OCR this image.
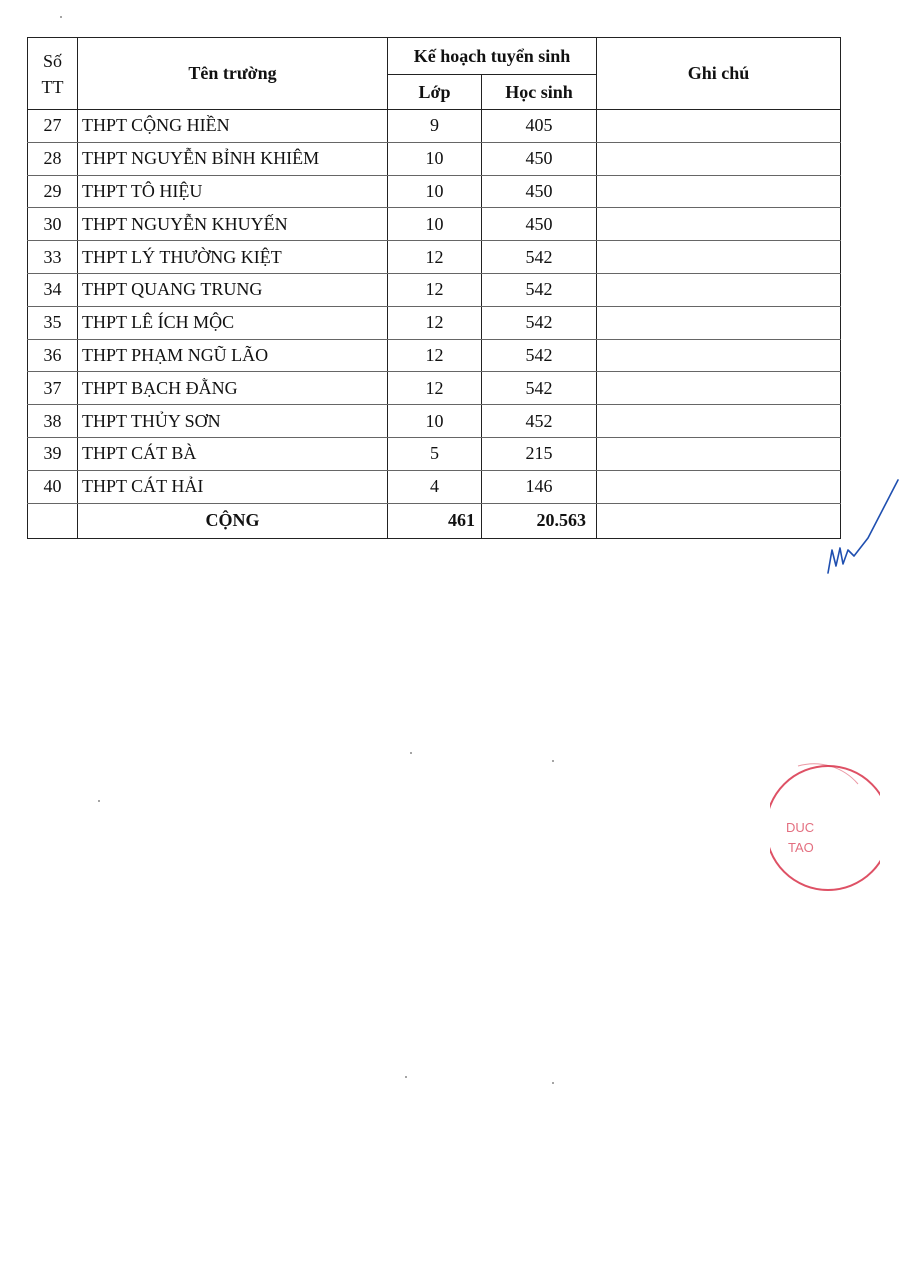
Số TT	Tên trường	Kế hoạch tuyển sinh		Ghi chú
		Lớp	Học sinh	
27	THPT CỘNG HIỀN	9	405	
28	THPT NGUYỄN BỈNH KHIÊM	10	450	
29	THPT TÔ HIỆU	10	450	
30	THPT NGUYỄN KHUYẾN	10	450	
33	THPT LÝ THƯỜNG KIỆT	12	542	
34	THPT QUANG TRUNG	12	542	
35	THPT LÊ ÍCH MỘC	12	542	
36	THPT PHẠM NGŨ LÃO	12	542	
37	THPT BẠCH ĐẰNG	12	542	
38	THPT THỦY SƠN	10	452	
39	THPT CÁT BÀ	5	215	
40	THPT CÁT HẢI	4	146	
	CỘNG	461	20.563	
DUC
TAO
